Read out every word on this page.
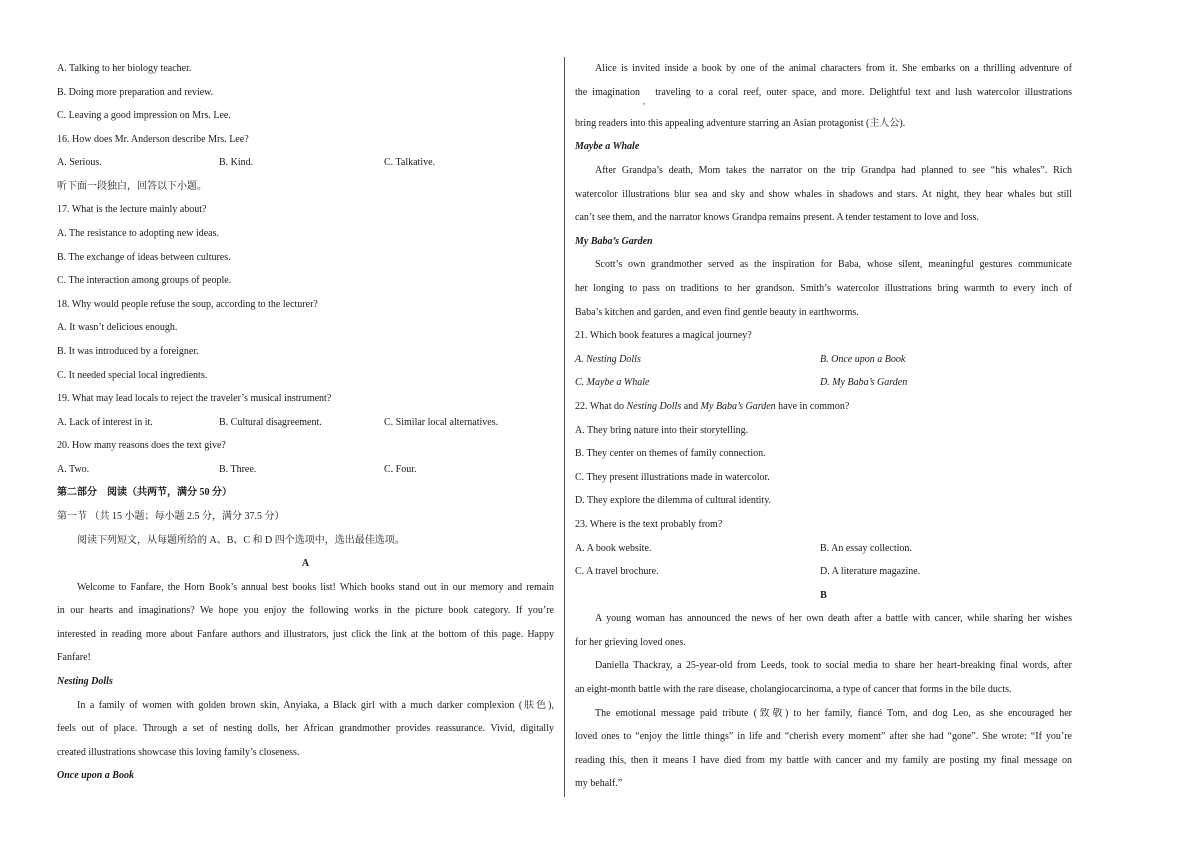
,
A. Talking to her biology teacher.
B. Doing more preparation and review.
C. Leaving a good impression on Mrs. Lee.
16. How does Mr. Anderson describe Mrs. Lee?
A. Serious.	B. Kind.	C. Talkative.
听下面一段独白，回答以下小题。
17. What is the lecture mainly about?
A. The resistance to adopting new ideas.
B. The exchange of ideas between cultures.
C. The interaction among groups of people.
18. Why would people refuse the soup, according to the lecturer?
A. It wasn’t delicious enough.
B. It was introduced by a foreigner.
C. It needed special local ingredients.
19. What may lead locals to reject the traveler’s musical instrument?
A. Lack of interest in it.	B. Cultural disagreement.	C. Similar local alternatives.
20. How many reasons does the text give?
A. Two.	B. Three.	C. Four.
第二部分　阅读（共两节，满分 50 分）
第一节 （共 15 小题；每小题 2.5 分，满分 37.5 分）
阅读下列短文，从每题所给的 A、B、C 和 D 四个选项中，选出最佳选项。
A
Welcome to Fanfare, the Horn Book’s annual best books list! Which books stand out in our memory and remain
in our hearts and imaginations? We hope you enjoy the following works in the picture book category. If you’re
interested in reading more about Fanfare authors and illustrators, just click the link at the bottom of this page. Happy
Fanfare!
Nesting Dolls
In a family of women with golden brown skin, Anyiaka, a Black girl with a much darker complexion (肤色),
feels out of place. Through a set of nesting dolls, her African grandmother provides reassurance. Vivid, digitally
created illustrations showcase this loving family’s closeness.
Once upon a Book
Alice is invited inside a book by one of the animal characters from it. She embarks on a thrilling adventure of
the imagination　traveling to a coral reef, outer space, and more. Delightful text and lush watercolor illustrations
bring readers into this appealing adventure starring an Asian protagonist (主人公).
Maybe a Whale
After Grandpa’s death, Mom takes the narrator on the trip Grandpa had planned to see “his whales”. Rich
watercolor illustrations blur sea and sky and show whales in shadows and stars. At night, they hear whales but still
can’t see them, and the narrator knows Grandpa remains present. A tender testament to love and loss.
My Baba’s Garden
Scott’s own grandmother served as the inspiration for Baba, whose silent, meaningful gestures communicate
her longing to pass on traditions to her grandson. Smith’s watercolor illustrations bring warmth to every inch of
Baba’s kitchen and garden, and even find gentle beauty in earthworms.
21. Which book features a magical journey?
A. Nesting Dolls	B. Once upon a Book
C. Maybe a Whale	D. My Baba’s Garden
22. What do Nesting Dolls and My Baba’s Garden have in common?
A. They bring nature into their storytelling.
B. They center on themes of family connection.
C. They present illustrations made in watercolor.
D. They explore the dilemma of cultural identity.
23. Where is the text probably from?
A. A book website.	B. An essay collection.
C. A travel brochure.	D. A literature magazine.
B
A young woman has announced the news of her own death after a battle with cancer, while sharing her wishes
for her grieving loved ones.
Daniella Thackray, a 25-year-old from Leeds, took to social media to share her heart-breaking final words, after
an eight-month battle with the rare disease, cholangiocarcinoma, a type of cancer that forms in the bile ducts.
The emotional message paid tribute (致敬) to her family, fiancé Tom, and dog Leo, as she encouraged her
loved ones to “enjoy the little things” in life and “cherish every moment” after she had “gone”. She wrote: “If you’re
reading this, then it means I have died from my battle with cancer and my family are posting my final message on
my behalf.”
